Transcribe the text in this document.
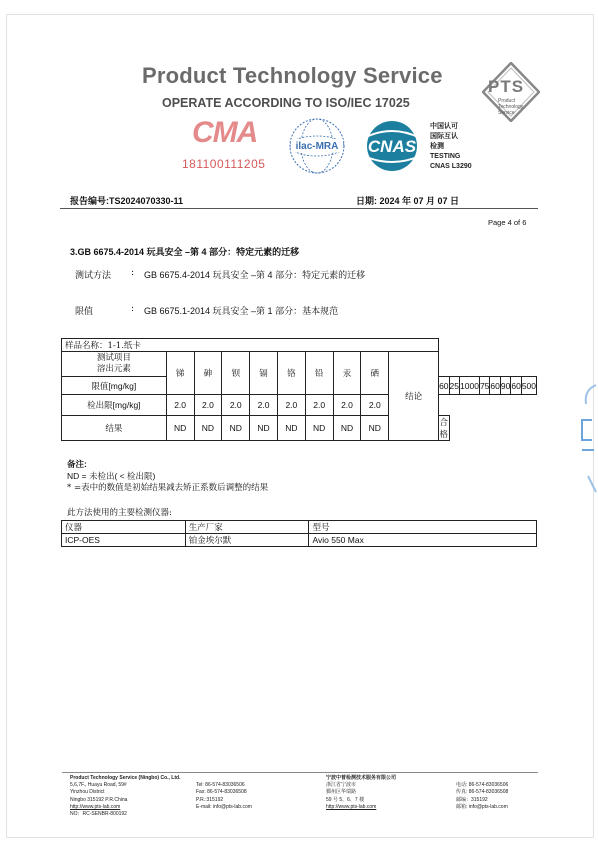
Product Technology Service
OPERATE ACCORDING TO ISO/IEC 17025
PTS
Product Technology Service
CMA
181100111205
ilac-MRA CNAS
中国认可
国际互认
检测
TESTING
CNAS L3290
报告编号:TS2024070330-11	日期: 2024 年 07 月 07 日
Page 4 of 6
3.GB 6675.4-2014 玩具安全 –第 4 部分：特定元素的迁移
测试方法 : GB 6675.4-2014 玩具安全 –第 4 部分：特定元素的迁移
限值	: GB 6675.1-2014 玩具安全 –第 1 部分：基本规范
样品名称：1-1.纸卡																	

测试项目
溶出元素	锑	砷	钡	镉	铬	铅	汞	硒	结论								
限值[mg/kg]										60	25	1000	75	60	90	60	500
检出限[mg/kg]	2.0	2.0	2.0	2.0	2.0	2.0	2.0	2.0									
结果	ND	ND	ND	ND	ND	ND	ND	ND		合格							
备注:
ND = 未检出( < 检出限)
* =表中的数值是初始结果减去矫正系数后调整的结果
此方法使用的主要检测仪器:
仪器	生产厂家	型号
ICP-OES	铂金埃尔默	Avio 550 Max
Product Technology Service (Ningbo) Co., Ltd.
5,6,7F., Huayu Road, 59#
Yinzhou District
Ningbo 315192 P.R.China
http://www.pts-lab.com
NO：RC-SENBR-800192

Tel: 86-574-83036506
Fax: 86-574-83036508
P.R.:315192
E-mail: info@pts-lab.com
宁波中普检测技术服务有限公司
浙江省宁波市
鄞州区华瑞路
59 号 5、6、7 楼
http://www.pts-lab.com

电话: 86-574-83036506
传真: 86-574-83036508
邮编：315192
邮箱: info@pts-lab.com
